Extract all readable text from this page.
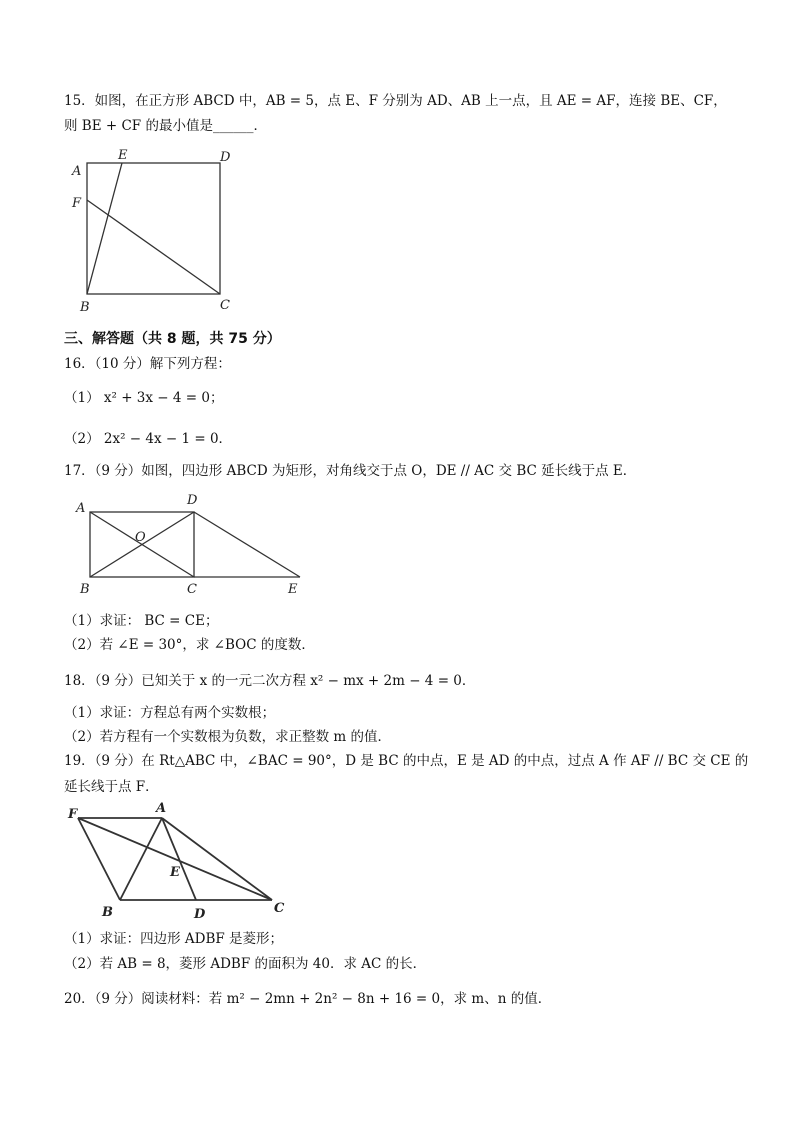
15．如图，在正方形 ABCD 中，AB = 5，点 E、F 分别为 AD、AB 上一点，且 AE = AF，连接 BE、CF，
则 BE + CF 的最小值是______．
A
E	D
F
B	C
三、解答题（共 8 题，共 75 分）
16．（10 分）解下列方程：
（1） x² + 3x − 4 = 0；
（2） 2x² − 4x − 1 = 0．
17．（9 分）如图，四边形 ABCD 为矩形，对角线交于点 O，DE // AC 交 BC 延长线于点 E．
A
D
O
B	C	E
（1）求证： BC = CE；
（2）若 ∠E = 30°，求 ∠BOC 的度数．
18．（9 分）已知关于 x 的一元二次方程 x² − mx + 2m − 4 = 0．
（1）求证：方程总有两个实数根；
（2）若方程有一个实数根为负数，求正整数 m 的值．
19．（9 分）在 Rt△ABC 中，∠BAC = 90°，D 是 BC 的中点，E 是 AD 的中点，过点 A 作 AF // BC 交 CE 的
延长线于点 F．
F	A
E
B	D	C
（1）求证：四边形 ADBF 是菱形；
（2）若 AB = 8，菱形 ADBF 的面积为 40．求 AC 的长．
20．（9 分）阅读材料：若 m² − 2mn + 2n² − 8n + 16 = 0，求 m、n 的值．
